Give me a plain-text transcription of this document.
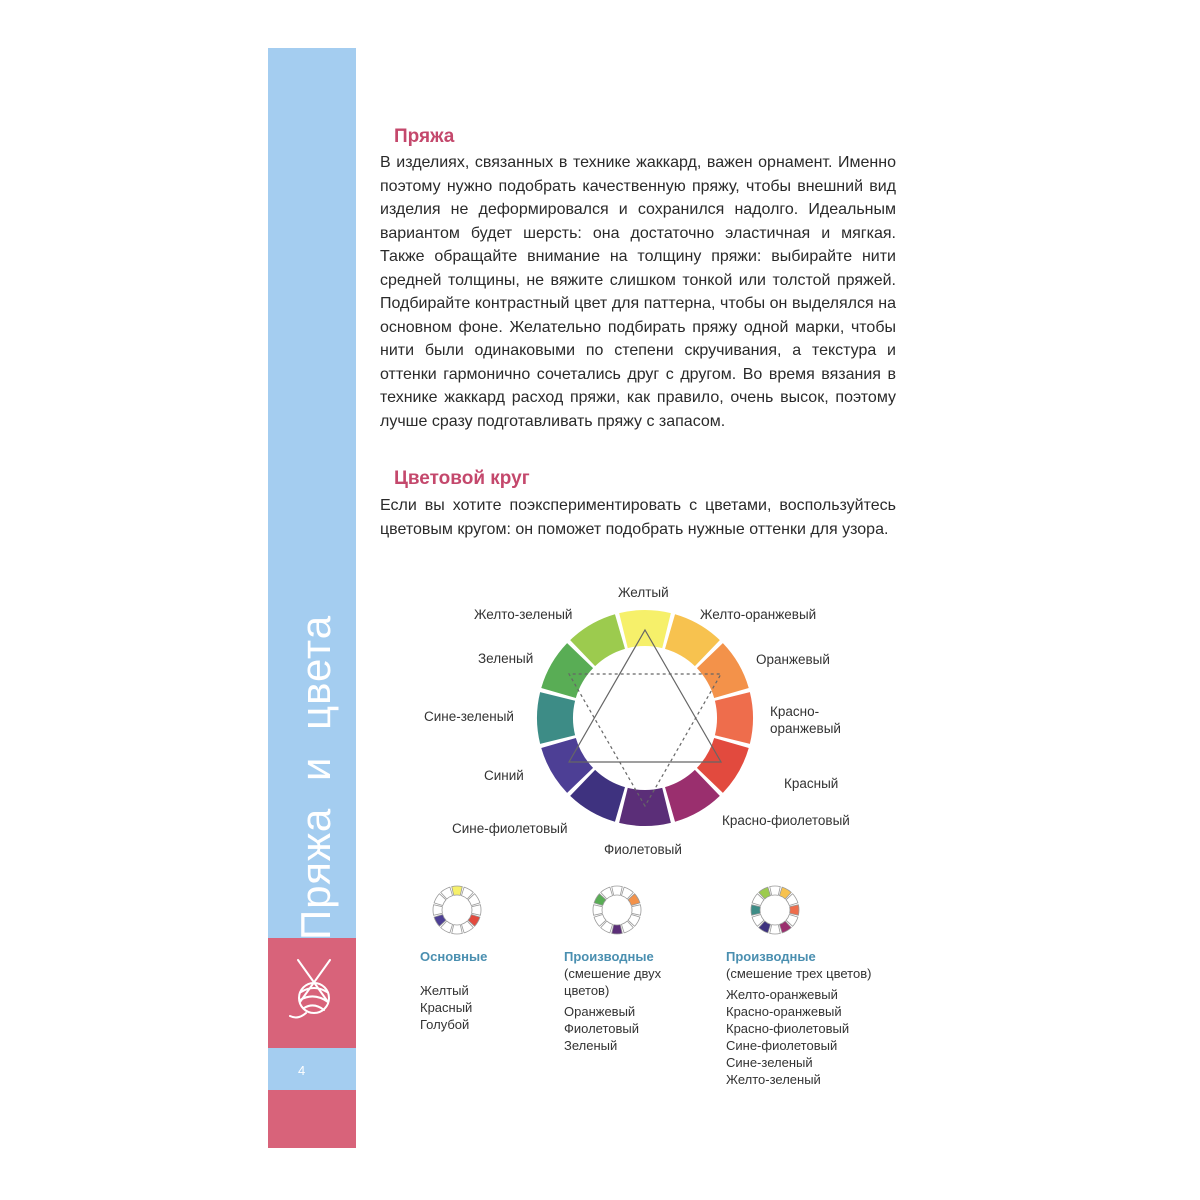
Пряжа и цвета
4
Пряжа

В изделиях, связанных в технике жаккард, важен орнамент. Именно поэтому нужно подобрать качественную пряжу, чтобы внешний вид изделия не деформировался и сохранился надолго. Идеальным вариантом будет шерсть: она достаточно эластичная и мягкая. Также обращайте внимание на толщину пряжи: выбирайте нити средней толщины, не вяжите слишком тонкой или толстой пряжей. Подбирайте контрастный цвет для паттерна, чтобы он выделялся на основном фоне. Желательно подбирать пряжу одной марки, чтобы нити были одинаковыми по степени скручивания, а текстура и оттенки гармонично сочетались друг с другом. Во время вязания в технике жаккард расход пряжи, как правило, очень высок, поэтому лучше сразу подготавливать пряжу с запасом.

Цветовой круг

Если вы хотите поэкспериментировать с цветами, воспользуйтесь цветовым кругом: он поможет подобрать нужные оттенки для узора.

Желтый
Желто-оранжевый
Оранжевый
Красно-
оранжевый
Красный
Красно-фиолетовый
Фиолетовый
Сине-фиолетовый
Синий
Сине-зеленый
Зеленый
Желто-зеленый
Основные
Желтый
Красный
Голубой
Производные
(смешение двух
цветов)
Оранжевый
Фиолетовый
Зеленый
Производные
(смешение трех цветов)
Желто-оранжевый
Красно-оранжевый
Красно-фиолетовый
Сине-фиолетовый
Сине-зеленый
Желто-зеленый
